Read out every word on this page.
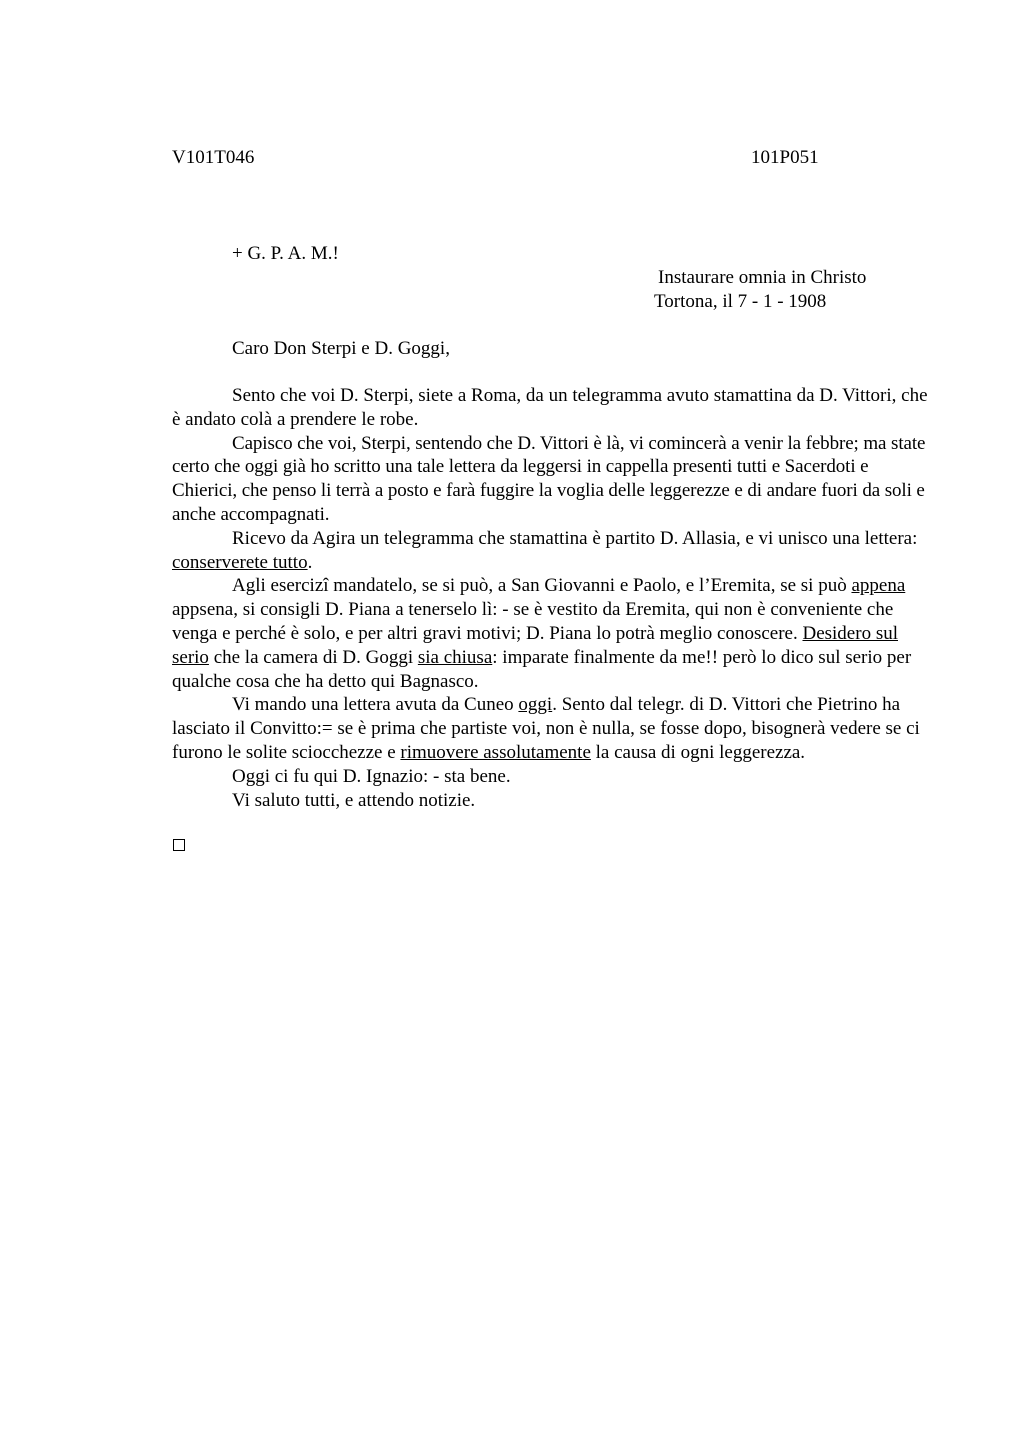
V101T046	101P051
+ G. P. A. M.!
Instaurare omnia in Christo
Tortona, il 7 - 1 - 1908
Caro Don Sterpi e D. Goggi,

Sento che voi D. Sterpi, siete a Roma, da un telegramma avuto stamattina da D. Vittori, che è andato colà a prendere le robe.

Capisco che voi, Sterpi, sentendo che D. Vittori è là, vi comincerà a venir la febbre; ma state certo che oggi già ho scritto una tale lettera da leggersi in cappella presenti tutti e Sacerdoti e Chierici, che penso li terrà a posto e farà fuggire la voglia delle leggerezze e di andare fuori da soli e anche accompagnati.

Ricevo da Agira un telegramma che stamattina è partito D. Allasia, e vi unisco una lettera: conserverete tutto.

Agli esercizi mandatelo, se si può, a San Giovanni e Paolo, e l’Eremita, se si può appena appsena, si consigli D. Piana a tenerselo lì: - se è vestito da Eremita, qui non è conveniente che venga e perché è solo, e per altri gravi motivi; D. Piana lo potrà meglio conoscere. Desidero sul serio che la camera di D. Goggi sia chiusa: imparate finalmente da me!! però lo dico sul serio per qualche cosa che ha detto qui Bagnasco.

Vi mando una lettera avuta da Cuneo oggi. Sento dal telegr. di D. Vittori che Pietrino ha lasciato il Convitto:= se è prima che partiste voi, non è nulla, se fosse dopo, bisognerà vedere se ci furono le solite sciocchezze e rimuovere assolutamente la causa di ogni leggerezza.

Oggi ci fu qui D. Ignazio: - sta bene.

Vi saluto tutti, e attendo notizie.
